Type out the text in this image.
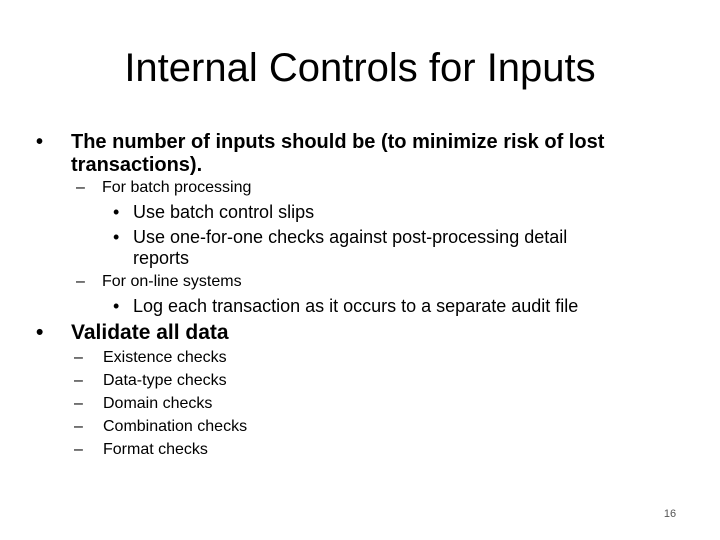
Internal Controls for Inputs
• The number of inputs should be (to minimize risk of lost
transactions).
– For batch processing
• Use batch control slips
• Use one-for-one checks against post-processing detail
reports
– For on-line systems
• Log each transaction as it occurs to a separate audit file
• Validate all data
– Existence checks
– Data-type checks
– Domain checks
– Combination checks
– Format checks
16
